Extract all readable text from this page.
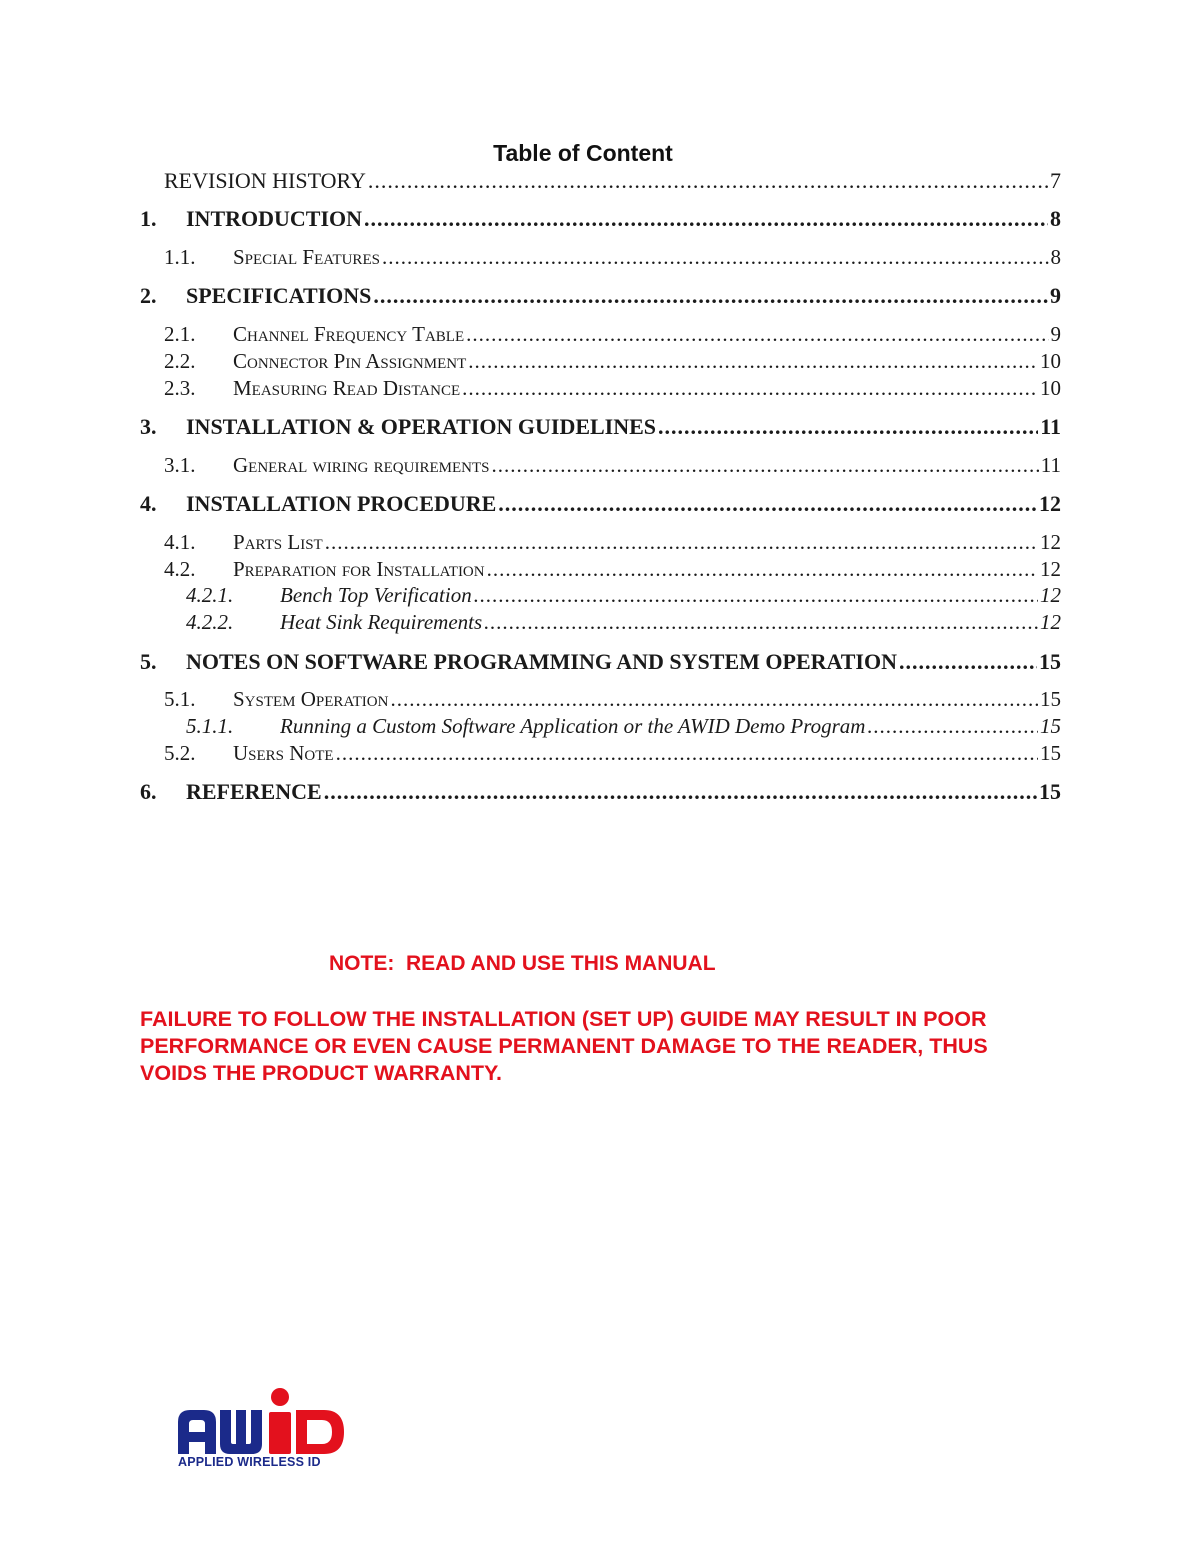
Table of Content
REVISION HISTORY .....	7
1. INTRODUCTION .....	8
1.1. Special Features .....	8
2. SPECIFICATIONS .....	9
2.1. Channel Frequency Table .....	9
2.2. Connector Pin Assignment .....	10
2.3. Measuring Read Distance .....	10
3. INSTALLATION & OPERATION GUIDELINES .....	11
3.1. General wiring requirements .....	11
4. INSTALLATION PROCEDURE .....	12
4.1. Parts List .....	12
4.2. Preparation for Installation .....	12
4.2.1. Bench Top Verification .....	12
4.2.2. Heat Sink Requirements .....	12
5. NOTES ON SOFTWARE PROGRAMMING AND SYSTEM OPERATION .....	15
5.1. System Operation .....	15
5.1.1. Running a Custom Software Application or the AWID Demo Program .....	15
5.2. Users Note .....	15
6. REFERENCE .....	15
NOTE:  READ AND USE THIS MANUAL
FAILURE TO FOLLOW THE INSTALLATION (SET UP) GUIDE MAY RESULT IN POOR PERFORMANCE OR EVEN CAUSE PERMANENT DAMAGE TO THE READER, THUS VOIDS THE PRODUCT WARRANTY.
APPLIED WIRELESS ID
